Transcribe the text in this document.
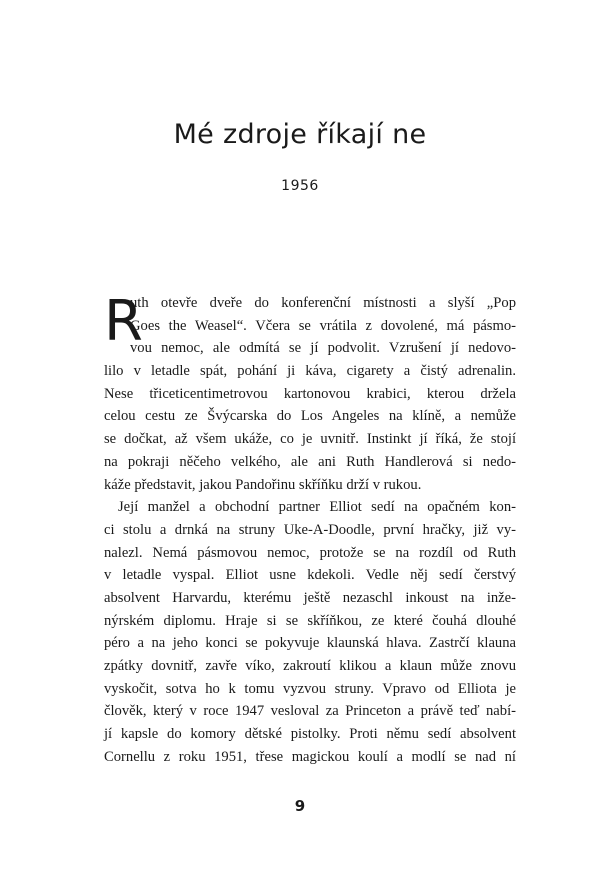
Mé zdroje říkají ne
1956
R
uth otevře dveře do konferenční místnosti a slyší „Pop
Goes the Weasel“. Včera se vrátila z dovolené, má pásmo-
vou nemoc, ale odmítá se jí podvolit. Vzrušení jí nedovo-
lilo v letadle spát, pohání ji káva, cigarety a čistý adrenalin.
Nese třiceticentimetrovou kartonovou krabici, kterou držela
celou cestu ze Švýcarska do Los Angeles na klíně, a nemůže
se dočkat, až všem ukáže, co je uvnitř. Instinkt jí říká, že stojí
na pokraji něčeho velkého, ale ani Ruth Handlerová si nedo-
káže představit, jakou Pandořinu skříňku drží v rukou.
Její manžel a obchodní partner Elliot sedí na opačném kon-
ci stolu a drnká na struny Uke-A-Doodle, první hračky, již vy-
nalezl. Nemá pásmovou nemoc, protože se na rozdíl od Ruth
v letadle vyspal. Elliot usne kdekoli. Vedle něj sedí čerstvý
absolvent Harvardu, kterému ještě nezaschl inkoust na inže-
nýrském diplomu. Hraje si se skříňkou, ze které čouhá dlouhé
péro a na jeho konci se pokyvuje klaunská hlava. Zastrčí klauna
zpátky dovnitř, zavře víko, zakroutí klikou a klaun může znovu
vyskočit, sotva ho k tomu vyzvou struny. Vpravo od Elliota je
člověk, který v roce 1947 vesloval za Princeton a právě teď nabí-
jí kapsle do komory dětské pistolky. Proti němu sedí absolvent
Cornellu z roku 1951, třese magickou koulí a modlí se nad ní
9
